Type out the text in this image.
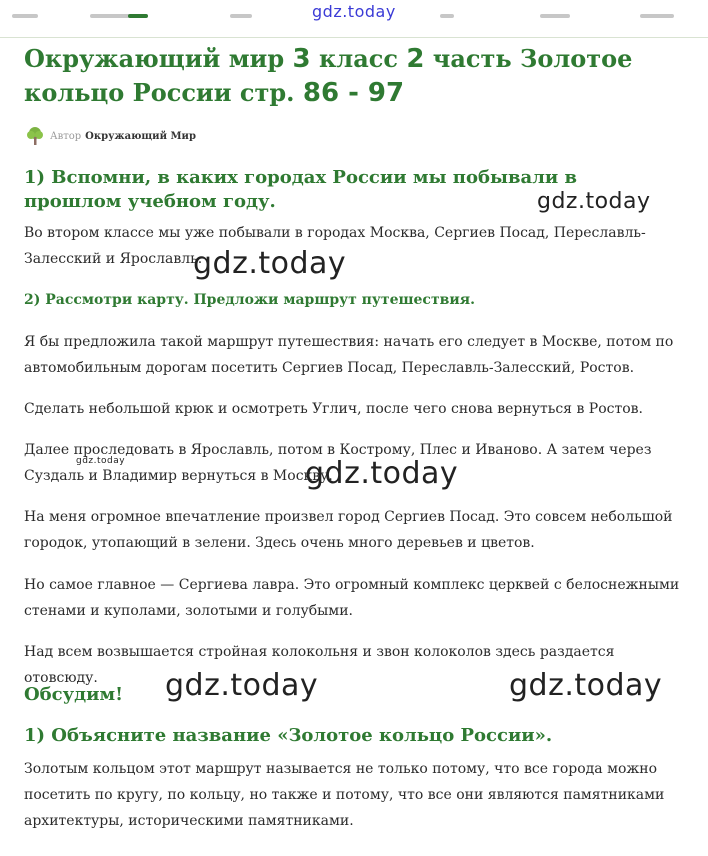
gdz.today
Окружающий мир 3 класс 2 часть Золотое кольцо России стр. 86 - 97
Автор Окружающий Мир
1) Вспомни, в каких городах России мы побывали в прошлом учебном году.	gdz.today

Во втором классе мы уже побывали в городах Москва, Сергиев Посад, Переславль-Залесский и Ярославль.

gdz.today
2) Рассмотри карту. Предложи маршрут путешествия.

Я бы предложила такой маршрут путешествия: начать его следует в Москве, потом по автомобильным дорогам посетить Сергиев Посад, Переславль-Залесский, Ростов.

Сделать небольшой крюк и осмотреть Углич, после чего снова вернуться в Ростов.

Далее проследовать в Ярославль, потом в Кострому, Плес и Иваново. А затем через Суздаль и Владимир вернуться в Москву.

gdz.today	gdz.today

На меня огромное впечатление произвел город Сергиев Посад. Это совсем небольшой городок, утопающий в зелени. Здесь очень много деревьев и цветов.

Но самое главное — Сергиева лавра. Это огромный комплекс церквей с белоснежными стенами и куполами, золотыми и голубыми.

Над всем возвышается стройная колокольня и звон колоколов здесь раздается отовсюду.

Обсудим! gdz.today	gdz.today
1) Объясните название «Золотое кольцо России».

Золотым кольцом этот маршрут называется не только потому, что все города можно посетить по кругу, по кольцу, но также и потому, что все они являются памятниками архитектуры, историческими памятниками.
